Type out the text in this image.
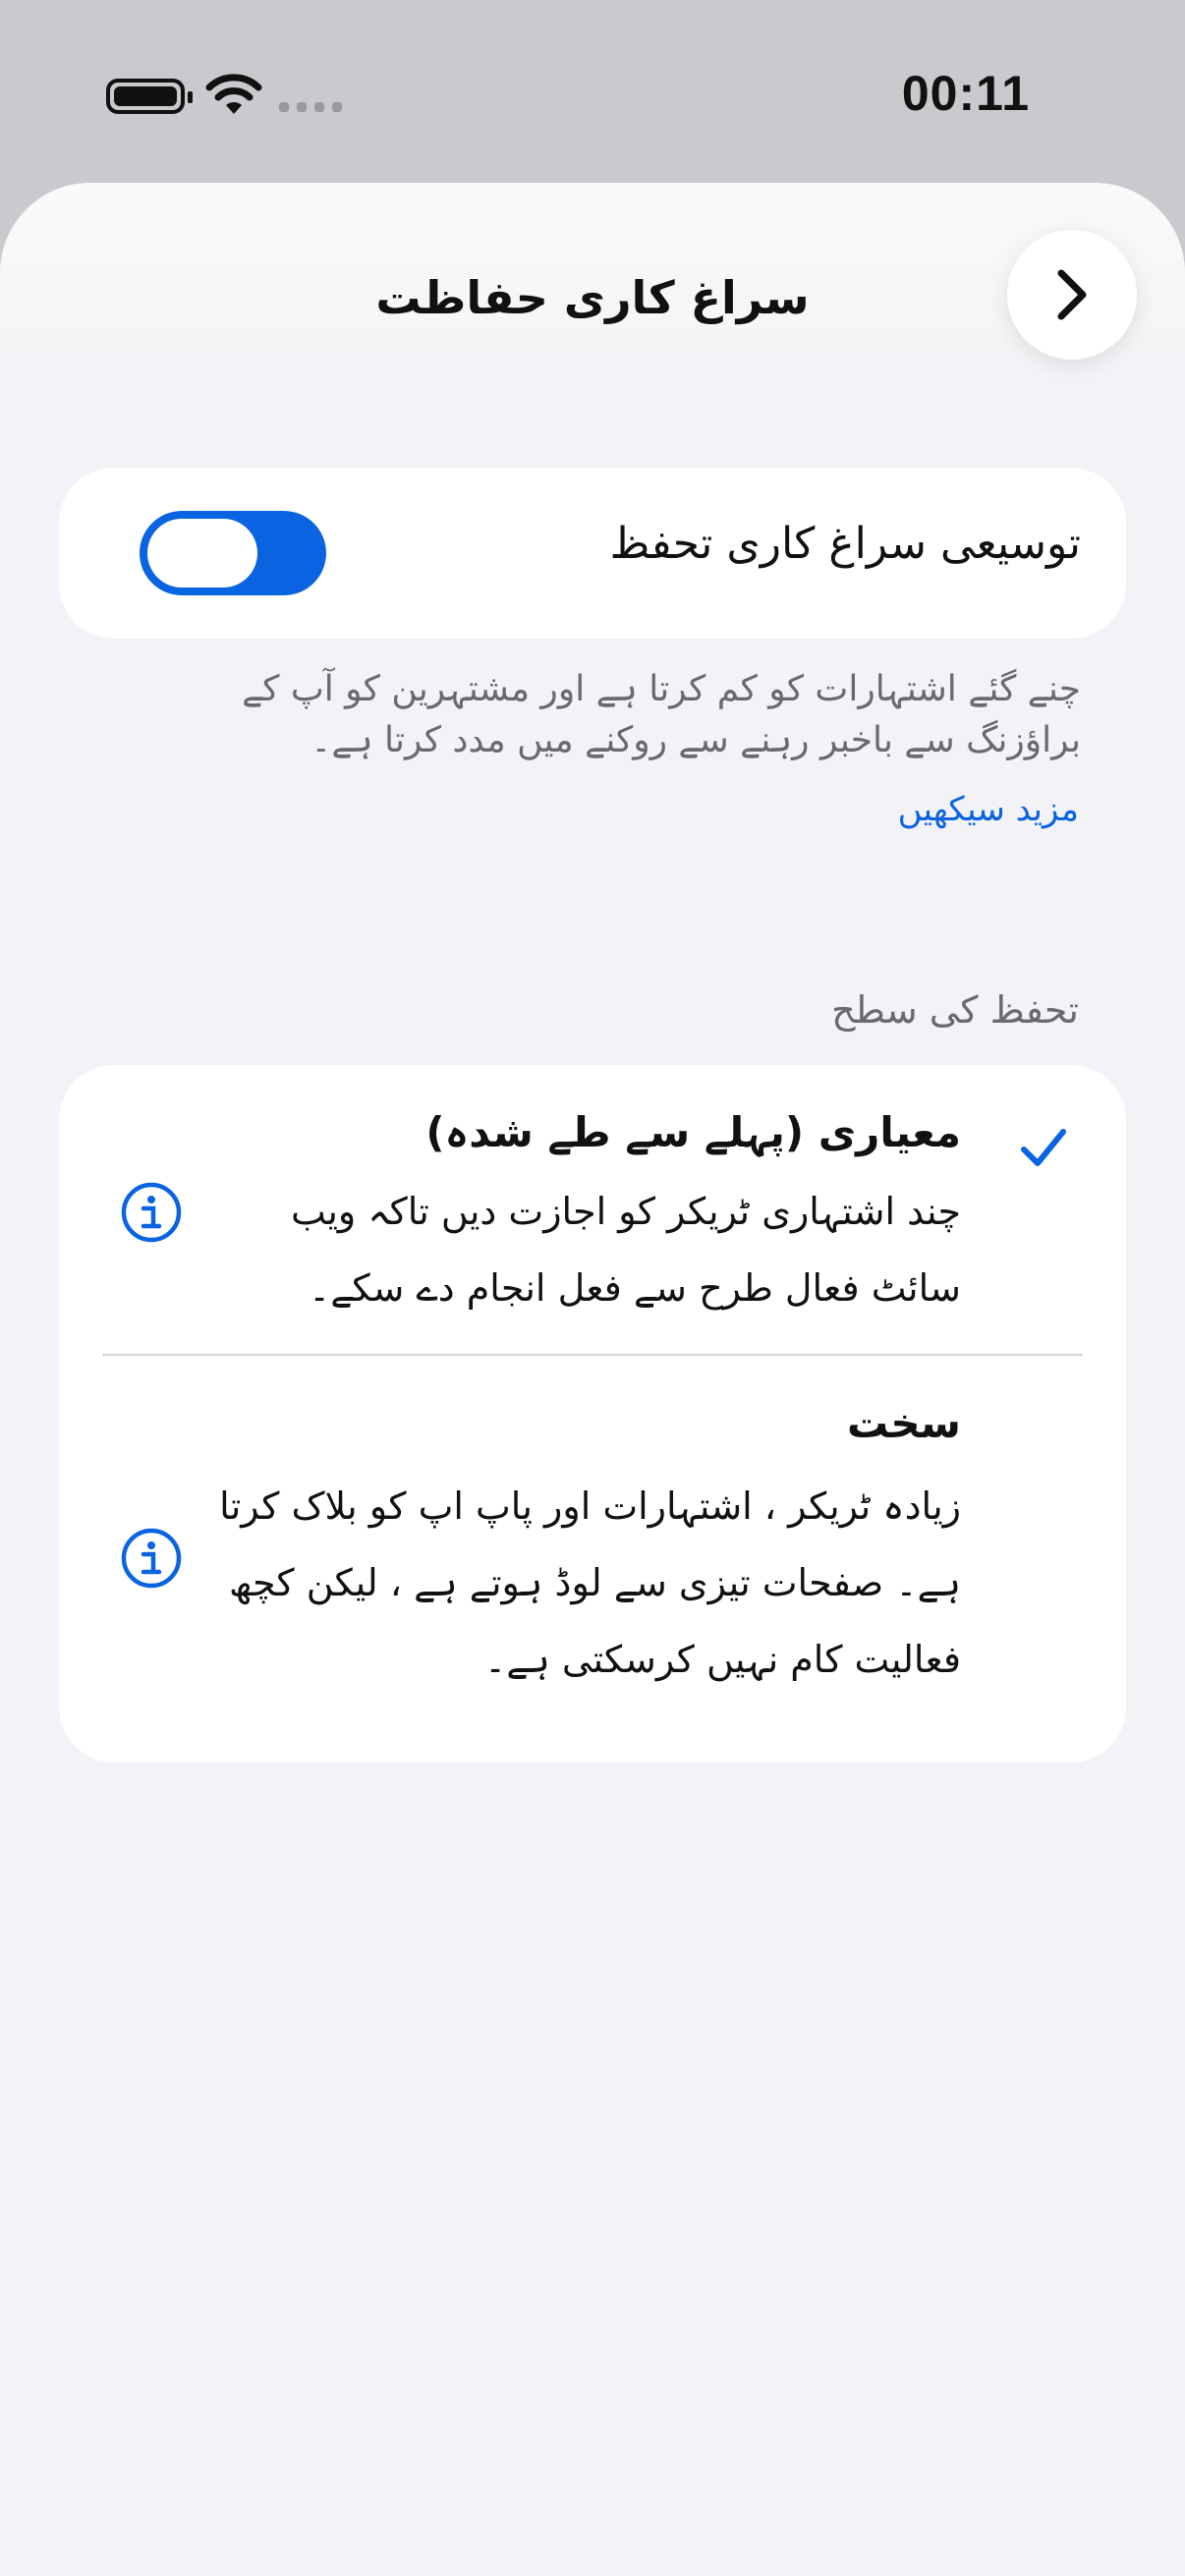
00:11
سراغ کاری حفاظت
توسیعی سراغ کاری تحفظ
چنے گئے اشتہارات کو کم کرتا ہے اور مشتہرین کو آپ کے براؤزنگ سے باخبر رہنے سے روکنے میں مدد کرتا ہے۔
مزید سیکھیں
تحفظ کی سطح
معیاری (پہلے سے طے شدہ)
چند اشتہاری ٹریکر کو اجازت دیں تاکہ ویب سائٹ فعال طرح سے فعل انجام دے سکے۔
سخت
زیادہ ٹریکر ، اشتہارات اور پاپ اپ کو بلاک کرتا ہے۔ صفحات تیزی سے لوڈ ہوتے ہے ، لیکن کچھ فعالیت کام نہیں کرسکتی ہے۔
